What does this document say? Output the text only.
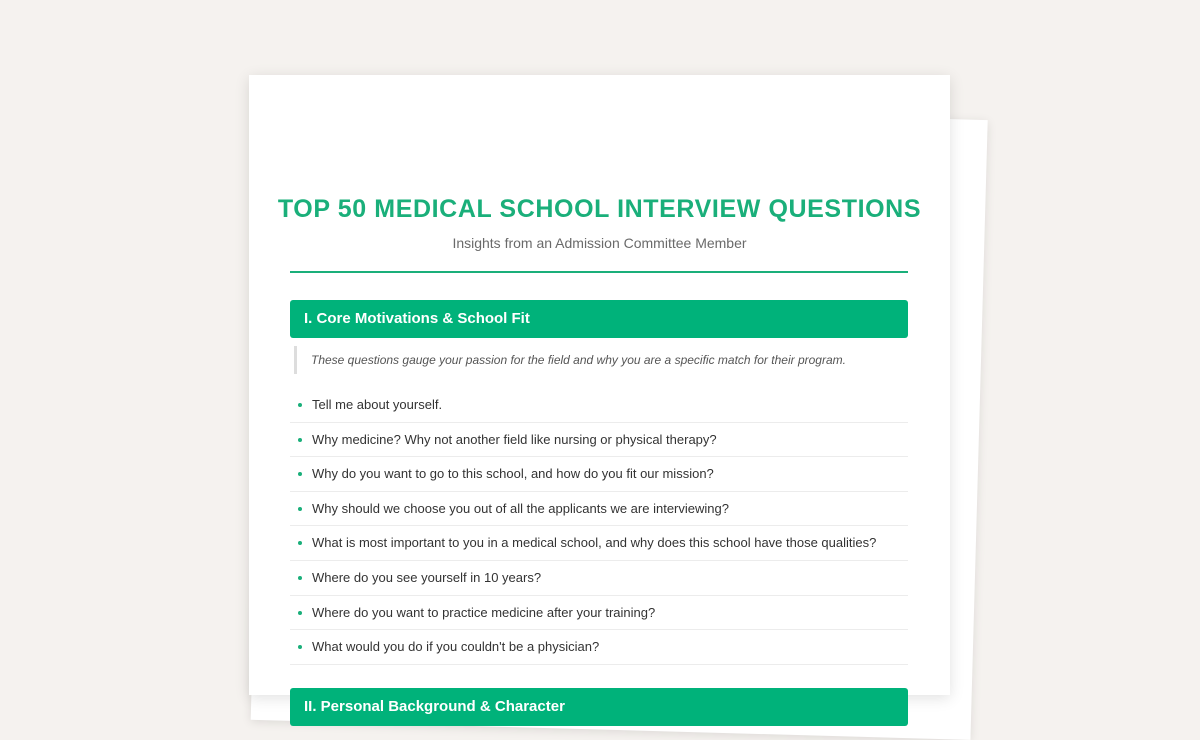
TOP 50 MEDICAL SCHOOL INTERVIEW QUESTIONS
Insights from an Admission Committee Member
I. Core Motivations & School Fit
These questions gauge your passion for the field and why you are a specific match for their program.
Tell me about yourself.
Why medicine? Why not another field like nursing or physical therapy?
Why do you want to go to this school, and how do you fit our mission?
Why should we choose you out of all the applicants we are interviewing?
What is most important to you in a medical school, and why does this school have those qualities?
Where do you see yourself in 10 years?
Where do you want to practice medicine after your training?
What would you do if you couldn't be a physician?
II. Personal Background & Character
